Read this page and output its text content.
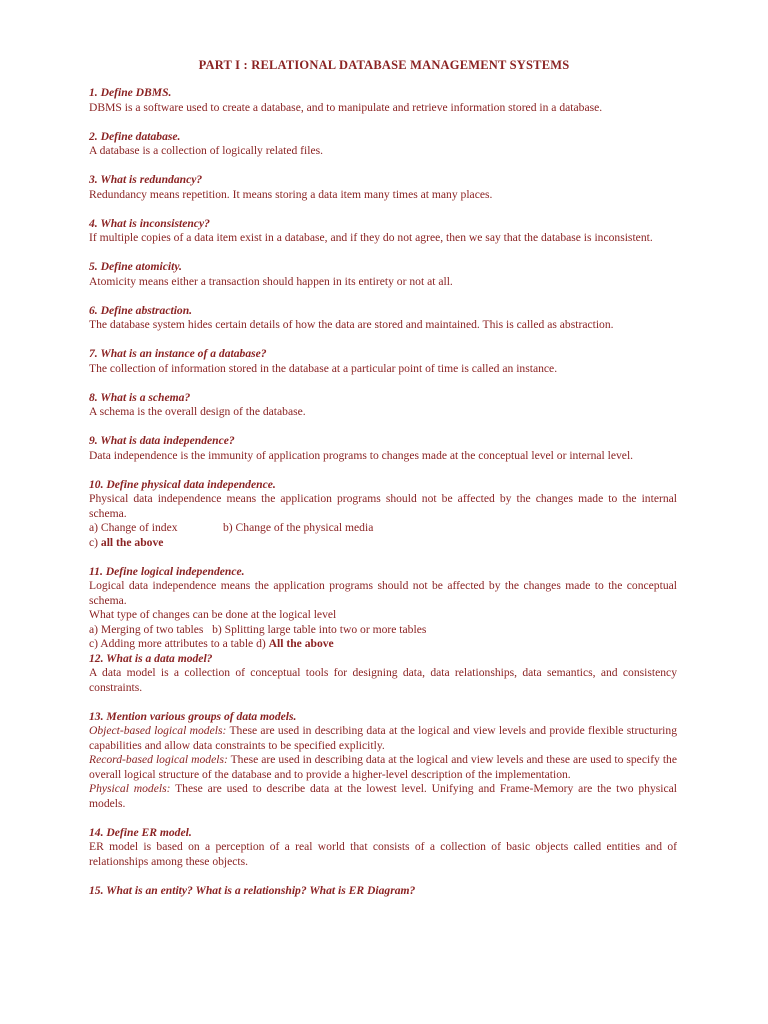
PART I : RELATIONAL DATABASE MANAGEMENT SYSTEMS
1. Define DBMS.
DBMS is a software used to create a database, and to manipulate and retrieve information stored in a database.
2. Define database.
A database is a collection of logically related files.
3. What is redundancy?
Redundancy means repetition. It means storing a data item many times at many places.
4. What is inconsistency?
If multiple copies of a data item exist in a database, and if they do not agree, then we say that the database is inconsistent.
5. Define atomicity.
Atomicity means either a transaction should happen in its entirety or not at all.
6. Define abstraction.
The database system hides certain details of how the data are stored and maintained. This is called as abstraction.
7. What is an instance of a database?
The collection of information stored in the database at a particular point of time is called an instance.
8. What is a schema?
A schema is the overall design of the database.
9. What is data independence?
Data independence is the immunity of application programs to changes made at the conceptual level or internal level.
10. Define physical data independence.
Physical data independence means the application programs should not be affected by the changes made to the internal schema.
a) Change of index	b) Change of the physical media
c) all the above
11. Define logical independence.
Logical data independence means the application programs should not be affected by the changes made to the conceptual schema.
What type of changes can be done at the logical level
a) Merging of two tables b) Splitting large table into two or more tables
c) Adding more attributes to a table d) All the above
12. What is a data model?
A data model is a collection of conceptual tools for designing data, data relationships, data semantics, and consistency constraints.
13. Mention various groups of data models.
Object-based logical models: These are used in describing data at the logical and view levels and provide flexible structuring capabilities and allow data constraints to be specified explicitly.
Record-based logical models: These are used in describing data at the logical and view levels and these are used to specify the overall logical structure of the database and to provide a higher-level description of the implementation.
Physical models: These are used to describe data at the lowest level. Unifying and Frame-Memory are the two physical models.
14. Define ER model.
ER model is based on a perception of a real world that consists of a collection of basic objects called entities and of relationships among these objects.
15. What is an entity? What is a relationship? What is ER Diagram?
